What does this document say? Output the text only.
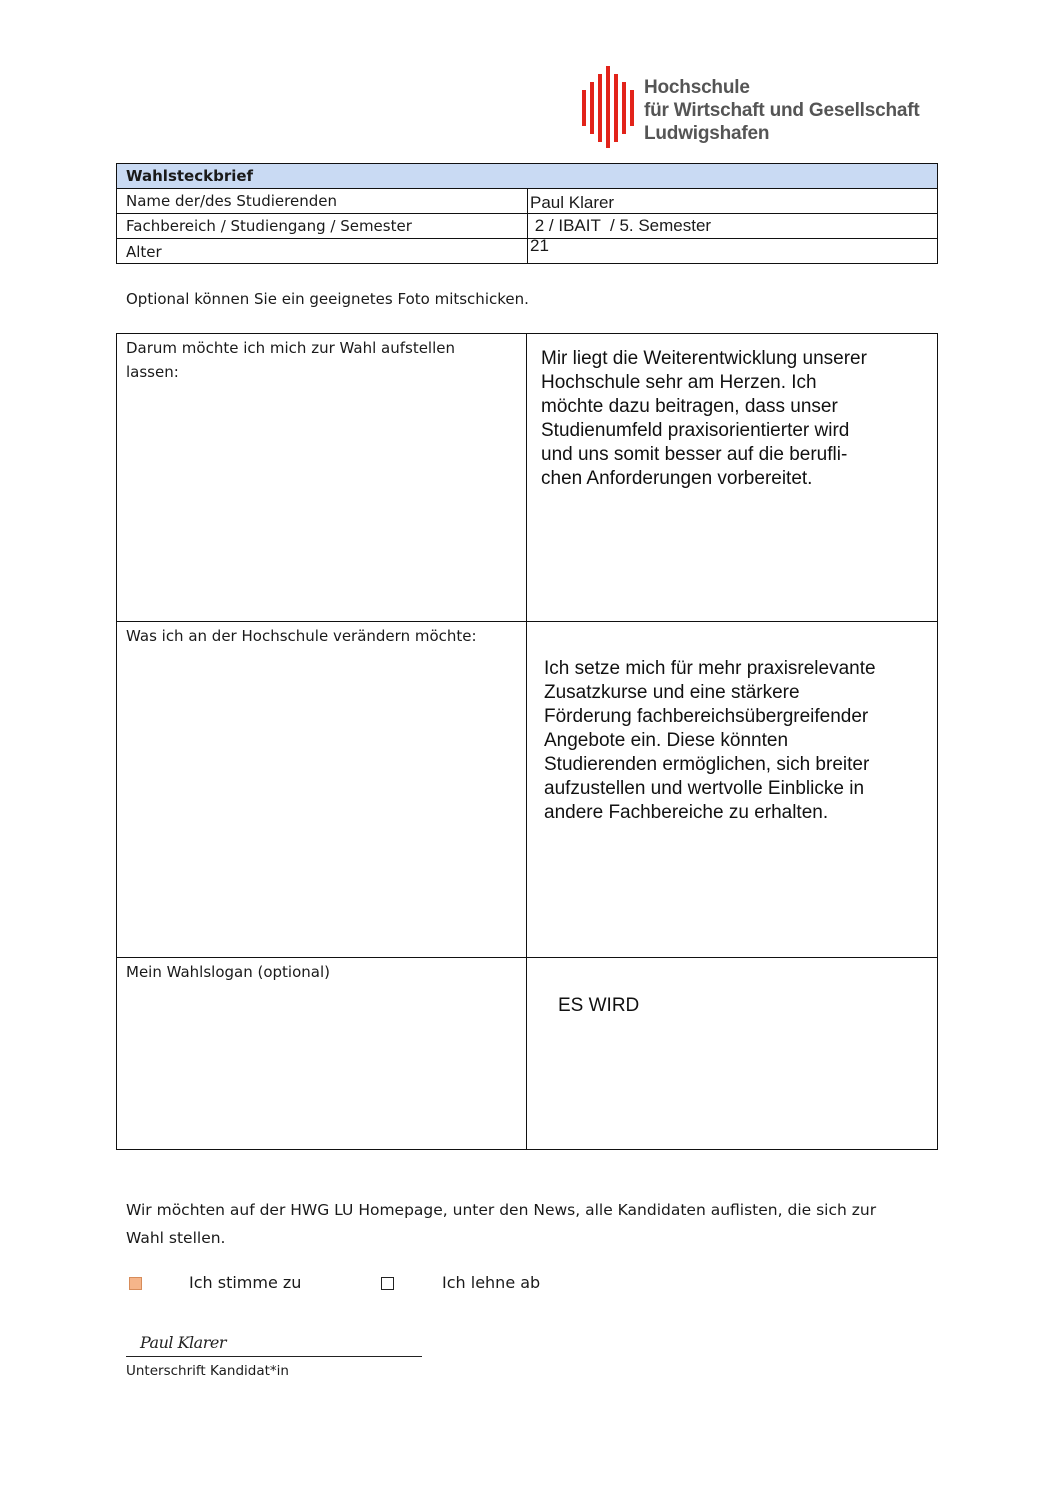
Hochschule
für Wirtschaft und Gesellschaft
Ludwigshafen
Wahlsteckbrief
Name der/des Studierenden	Paul Klarer
Fachbereich / Studiengang / Semester	2 / IBAIT  / 5. Semester
Alter	21
Optional können Sie ein geeignetes Foto mitschicken.
Darum möchte ich mich zur Wahl aufstellen lassen:
Mir liegt die Weiterentwicklung unserer
Hochschule sehr am Herzen. Ich
möchte dazu beitragen, dass unser
Studienumfeld praxisorientierter wird
und uns somit besser auf die berufli-
chen Anforderungen vorbereitet.
Was ich an der Hochschule verändern möchte:
Ich setze mich für mehr praxisrelevante
Zusatzkurse und eine stärkere
Förderung fachbereichsübergreifender
Angebote ein. Diese könnten
Studierenden ermöglichen, sich breiter
aufzustellen und wertvolle Einblicke in
andere Fachbereiche zu erhalten.
Mein Wahlslogan (optional)
ES WIRD
Wir möchten auf der HWG LU Homepage, unter den News, alle Kandidaten auflisten, die sich zur
Wahl stellen.
Ich stimme zu	Ich lehne ab
Paul Klarer
Unterschrift Kandidat*in
